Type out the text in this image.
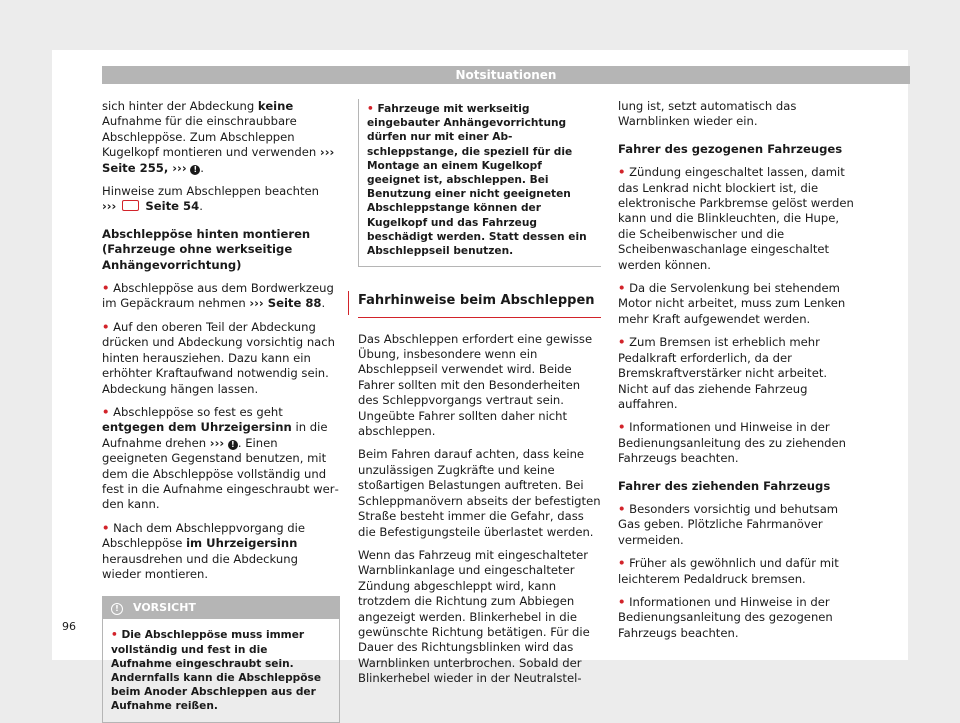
Notsituationen

sich hinter der Abdeckung keine Aufnahme für die einschraubbare Abschleppöse. Zum Abschleppen Kugelkopf montieren und verwenden ››› Seite 255, ››› ! .

Hinweise zum Abschleppen beachten
›››  Seite 54.

Abschleppöse hinten montieren (Fahrzeuge ohne werkseitige Anhängevorrichtung)

• Abschleppöse aus dem Bordwerkzeug im Gepäckraum nehmen ››› Seite 88.

• Auf den oberen Teil der Abdeckung drücken und Abdeckung vorsichtig nach hinten herausziehen. Dazu kann ein erhöhter Kraftaufwand notwendig sein. Abdeckung hängen lassen.

• Abschleppöse so fest es geht entgegen dem Uhrzeigersinn in die Aufnahme drehen ››› ! . Einen geeigneten Gegenstand benutzen, mit dem die Abschleppöse vollständig und fest in die Aufnahme eingeschraubt werden kann.

• Nach dem Abschleppvorgang die Abschleppöse im Uhrzeigersinn herausdrehen und die Abdeckung wieder montieren.

! VORSICHT
• Die Abschleppöse muss immer vollständig und fest in die Aufnahme eingeschraubt sein. Andernfalls kann die Abschleppöse beim Anoder Abschleppen aus der Aufnahme reißen.
• Fahrzeuge mit werkseitig eingebauter Anhängevorrichtung dürfen nur mit einer Abschleppstange, die speziell für die Montage an einem Kugelkopf geeignet ist, abschleppen. Bei Benutzung einer nicht geeigneten Abschleppstange können der Kugelkopf und das Fahrzeug beschädigt werden. Statt dessen ein Abschleppseil benutzen.
Fahrhinweise beim Abschleppen

Das Abschleppen erfordert eine gewisse Übung, insbesondere wenn ein Abschleppseil verwendet wird. Beide Fahrer sollten mit den Besonderheiten des Schleppvorgangs vertraut sein. Ungeübte Fahrer sollten daher nicht abschleppen.

Beim Fahren darauf achten, dass keine unzulässigen Zugkräfte und keine stoßartigen Belastungen auftreten. Bei Schleppmanövern abseits der befestigten Straße besteht immer die Gefahr, dass die Befestigungsteile überlastet werden.

Wenn das Fahrzeug mit eingeschalteter Warnblinkanlage und eingeschalteter Zündung abgeschleppt wird, kann trotzdem die Richtung zum Abbiegen angezeigt werden. Blinkerhebel in die gewünschte Richtung betätigen. Für die Dauer des Richtungsblinken wird das Warnblinken unterbrochen. Sobald der Blinkerhebel wieder in der Neutralstel-

lung ist, setzt automatisch das Warnblinken wieder ein.

Fahrer des gezogenen Fahrzeuges

• Zündung eingeschaltet lassen, damit das Lenkrad nicht blockiert ist, die elektronische Parkbremse gelöst werden kann und die Blinkleuchten, die Hupe, die Scheibenwischer und die Scheibenwaschanlage eingeschaltet werden können.

• Da die Servolenkung bei stehendem Motor nicht arbeitet, muss zum Lenken mehr Kraft aufgewendet werden.

• Zum Bremsen ist erheblich mehr Pedalkraft erforderlich, da der Bremskraftverstärker nicht arbeitet. Nicht auf das ziehende Fahrzeug auffahren.

• Informationen und Hinweise in der Bedienungsanleitung des zu ziehenden Fahrzeugs beachten.

Fahrer des ziehenden Fahrzeugs

• Besonders vorsichtig und behutsam Gas geben. Plötzliche Fahrmanöver vermeiden.

• Früher als gewöhnlich und dafür mit leichterem Pedaldruck bremsen.

• Informationen und Hinweise in der Bedienungsanleitung des gezogenen Fahrzeugs beachten.

96
